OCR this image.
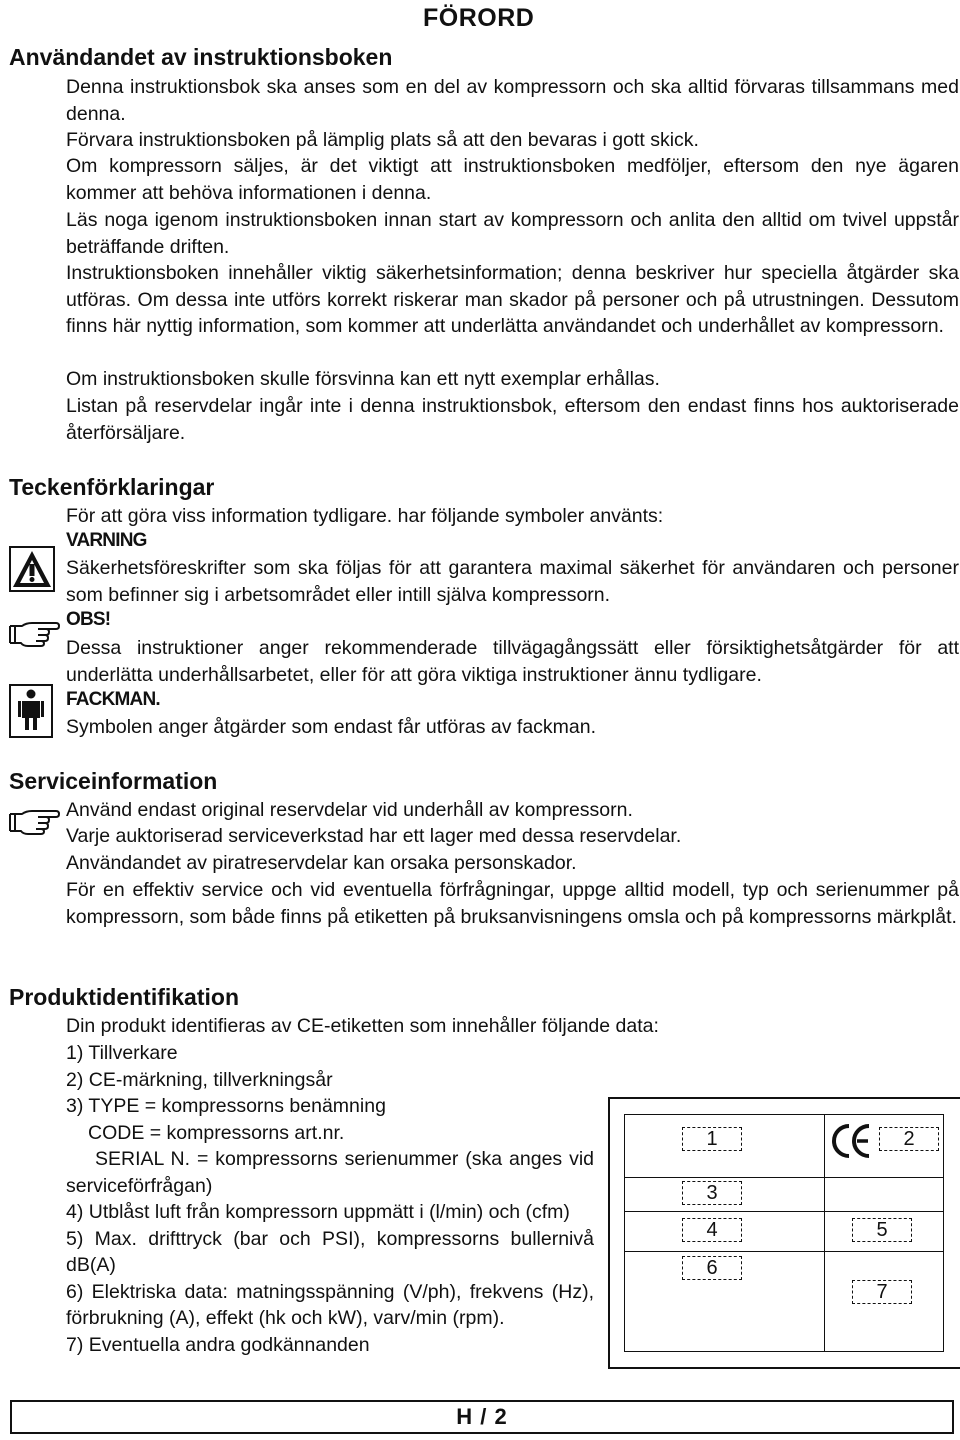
FÖRORD
Användandet av instruktionsboken
Denna instruktionsbok ska anses som en del av kompressorn och ska alltid förvaras tillsammans med denna.
Förvara instruktionsboken på lämplig plats så att den bevaras i gott skick.
Om kompressorn säljes, är det viktigt att instruktionsboken medföljer, eftersom den nye ägaren kommer att behöva informationen i denna.
Läs noga igenom instruktionsboken innan start av kompressorn och anlita den alltid om tvivel uppstår beträffande driften.
Instruktionsboken innehåller viktig säkerhetsinformation; denna beskriver hur speciella åtgärder ska utföras. Om dessa inte utförs korrekt riskerar man skador på personer och på utrustningen. Dessutom finns här nyttig information, som kommer att underlätta användandet och underhållet av kompressorn.
Om instruktionsboken skulle försvinna kan ett nytt exemplar erhållas.
Listan på reservdelar ingår inte i denna instruktionsbok, eftersom den endast finns hos auktoriserade återförsäljare.
Teckenförklaringar
För att göra viss information tydligare. har följande symboler använts:
VARNING
Säkerhetsföreskrifter som ska följas för att garantera maximal säkerhet för användaren och personer som befinner sig i arbetsområdet eller intill själva kompressorn.
OBS!
Dessa instruktioner anger rekommenderade tillvägagångssätt eller försiktighetsåtgärder för att underlätta underhållsarbetet, eller för att göra viktiga instruktioner ännu tydligare.
FACKMAN.
Symbolen anger åtgärder som endast får utföras av fackman.
Serviceinformation
Använd endast original reservdelar vid underhåll av kompressorn.
Varje auktoriserad serviceverkstad har ett lager med dessa reservdelar.
Användandet av piratreservdelar kan orsaka personskador.
För en effektiv service och vid eventuella förfrågningar, uppge alltid modell, typ och serienummer på kompressorn, som både finns på etiketten på bruksanvisningens omsla och på kompressorns märkplåt.
Produktidentifikation
Din produkt identifieras av CE-etiketten som innehåller följande data:
1) Tillverkare
2) CE-märkning, tillverkningsår
3) TYPE = kompressorns benämning
CODE = kompressorns art.nr.
SERIAL N. = kompressorns serienummer (ska anges vid serviceförfrågan)
4) Utblåst luft från kompressorn uppmätt i (l/min) och (cfm)
5) Max. drifttryck (bar och PSI), kompressorns bullernivå dB(A)
6) Elektriska data: matningsspänning (V/ph), frekvens (Hz), förbrukning (A), effekt (hk och kW), varv/min (rpm).
7) Eventuella andra godkännanden
1	2
3
4	5
6
7
H / 2
